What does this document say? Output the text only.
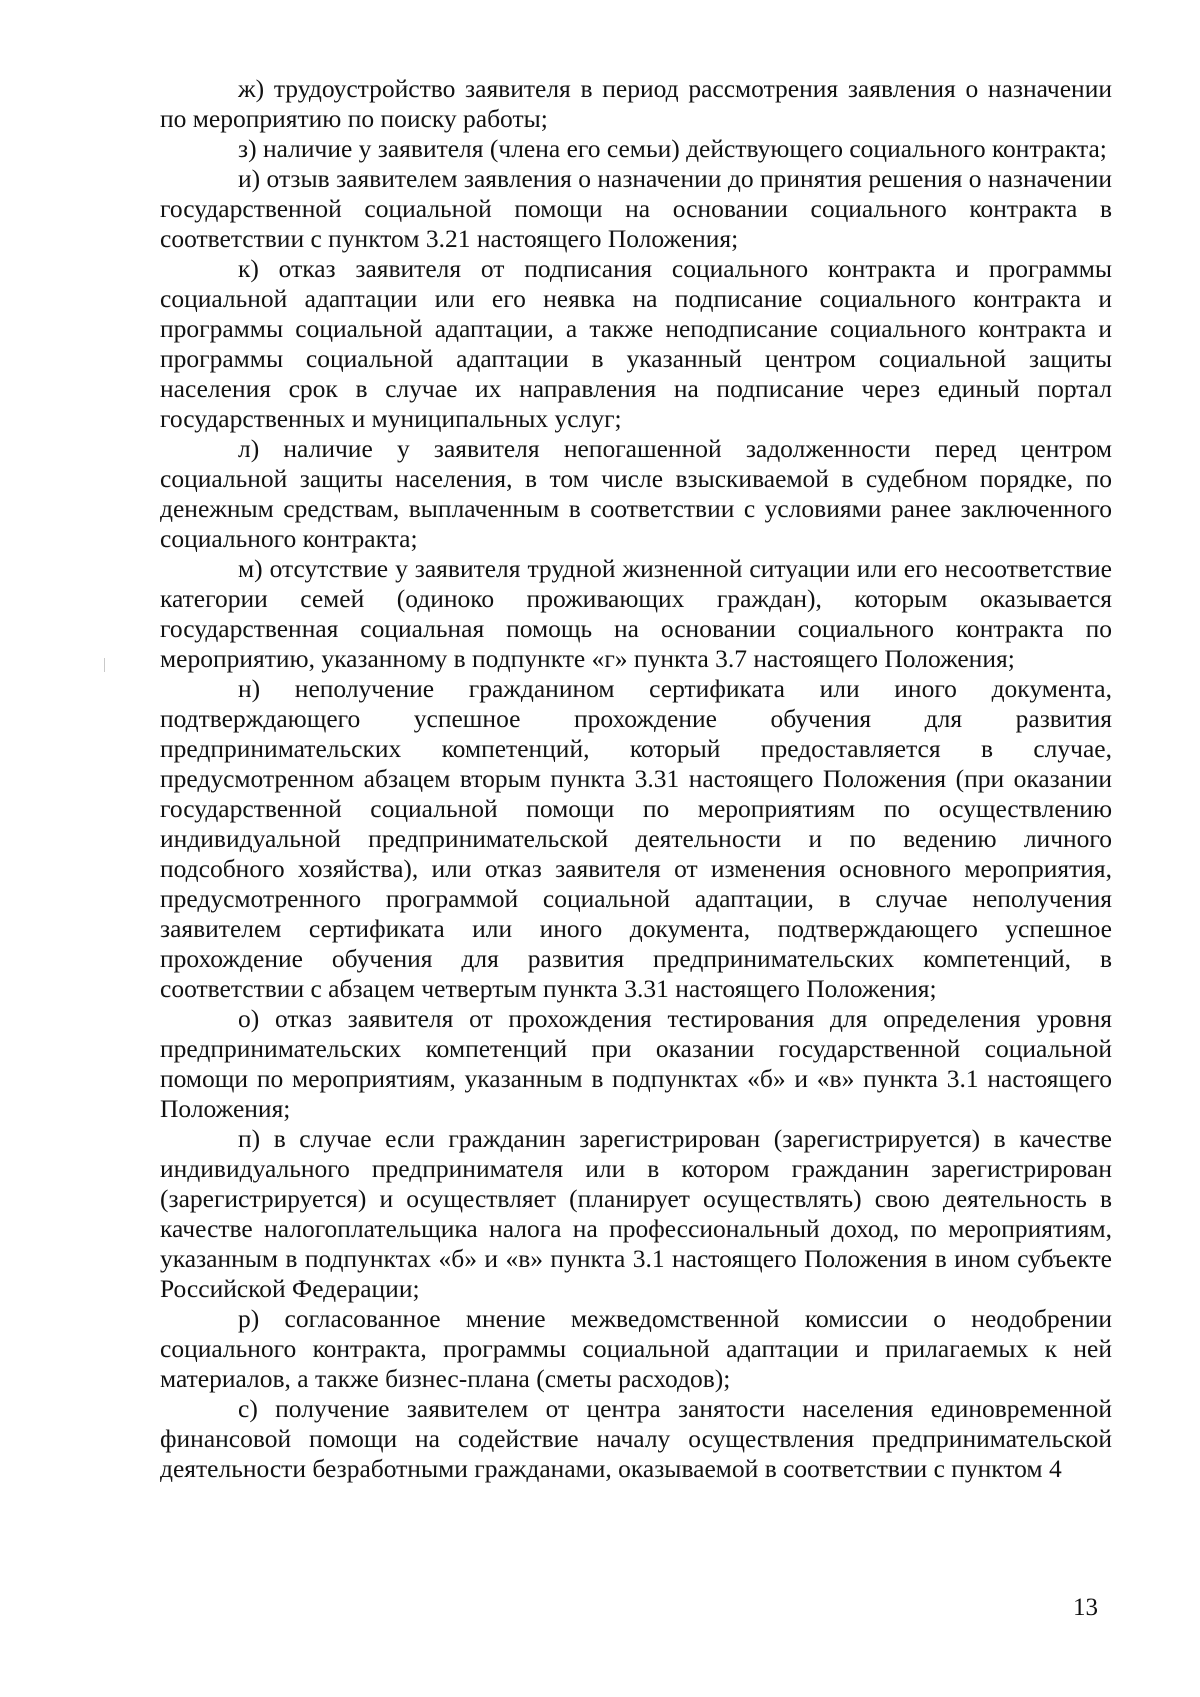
ж) трудоустройство заявителя в период рассмотрения заявления о назначении по мероприятию по поиску работы;

з) наличие у заявителя (члена его семьи) действующего социального контракта;

и) отзыв заявителем заявления о назначении до принятия решения о назначении государственной социальной помощи на основании социального контракта в соответствии с пунктом 3.21 настоящего Положения;

к) отказ заявителя от подписания социального контракта и программы социальной адаптации или его неявка на подписание социального контракта и программы социальной адаптации, а также неподписание социального контракта и программы социальной адаптации в указанный центром социальной защиты населения срок в случае их направления на подписание через единый портал государственных и муниципальных услуг;

л) наличие у заявителя непогашенной задолженности перед центром социальной защиты населения, в том числе взыскиваемой в судебном порядке, по денежным средствам, выплаченным в соответствии с условиями ранее заключенного социального контракта;

м) отсутствие у заявителя трудной жизненной ситуации или его несоответствие категории семей (одиноко проживающих граждан), которым оказывается государственная социальная помощь на основании социального контракта по мероприятию, указанному в подпункте «г» пункта 3.7 настоящего Положения;

н) неполучение гражданином сертификата или иного документа, подтверждающего успешное прохождение обучения для развития предпринимательских компетенций, который предоставляется в случае, предусмотренном абзацем вторым пункта 3.31 настоящего Положения (при оказании государственной социальной помощи по мероприятиям по осуществлению индивидуальной предпринимательской деятельности и по ведению личного подсобного хозяйства), или отказ заявителя от изменения основного мероприятия, предусмотренного программой социальной адаптации, в случае неполучения заявителем сертификата или иного документа, подтверждающего успешное прохождение обучения для развития предпринимательских компетенций, в соответствии с абзацем четвертым пункта 3.31 настоящего Положения;

о) отказ заявителя от прохождения тестирования для определения уровня предпринимательских компетенций при оказании государственной социальной помощи по мероприятиям, указанным в подпунктах «б» и «в» пункта 3.1 настоящего Положения;

п) в случае если гражданин зарегистрирован (зарегистрируется) в качестве индивидуального предпринимателя или в котором гражданин зарегистрирован (зарегистрируется) и осуществляет (планирует осуществлять) свою деятельность в качестве налогоплательщика налога на профессиональный доход, по мероприятиям, указанным в подпунктах «б» и «в» пункта 3.1 настоящего Положения в ином субъекте Российской Федерации;

р) согласованное мнение межведомственной комиссии о неодобрении социального контракта, программы социальной адаптации и прилагаемых к ней материалов, а также бизнес-плана (сметы расходов);

с) получение заявителем от центра занятости населения единовременной финансовой помощи на содействие началу осуществления предпринимательской деятельности безработными гражданами, оказываемой в соответствии с пунктом 4

13
